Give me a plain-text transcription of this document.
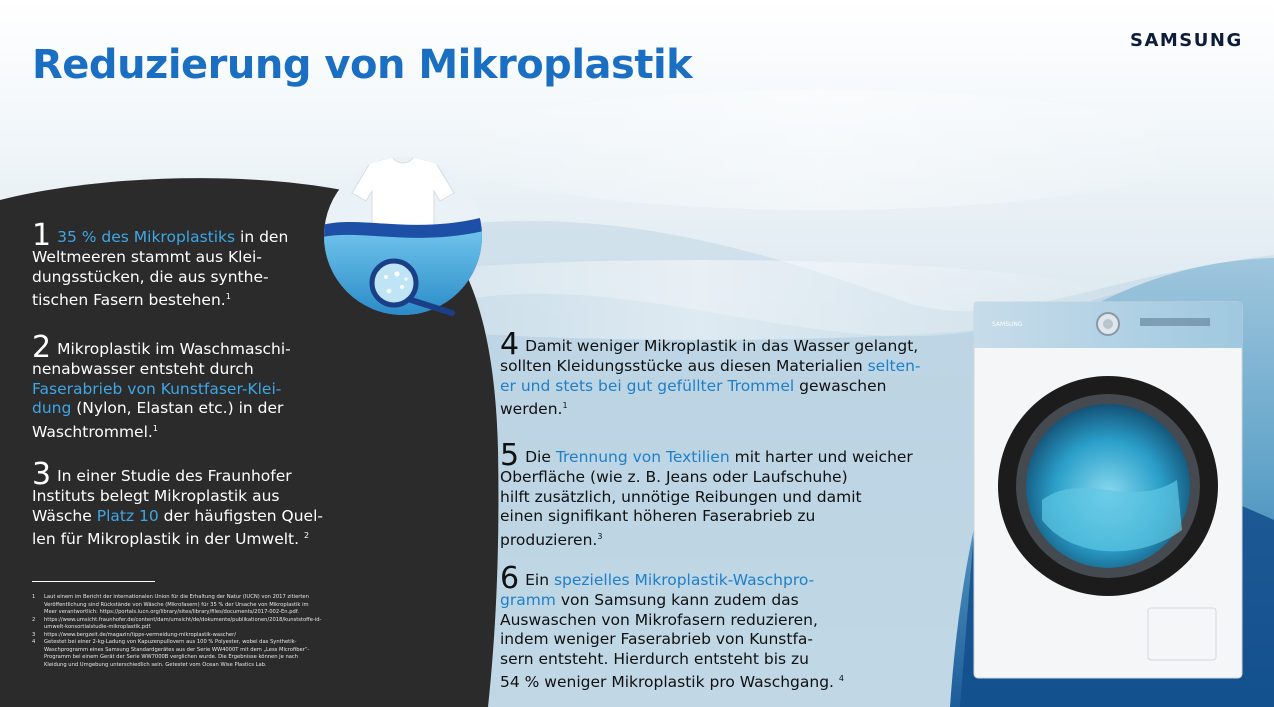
SAMSUNG
Reduzierung von Mikroplastik
SAMSUNG
1 35 % des Mikroplastiks in den
Weltmeeren stammt aus Klei-
dungsstücken, die aus synthe-
tischen Fasern bestehen.$^1$
2 Mikroplastik im Waschmaschi-
nenabwasser entsteht durch
Faserabrieb von Kunstfaser-Klei-
dung (Nylon, Elastan etc.) in der
Waschtrommel.$^1$
3 In einer Studie des Fraunhofer
Instituts belegt Mikroplastik aus
Wäsche Platz 10 der häufigsten Quel-
len für Mikroplastik in der Umwelt. $^2$
4 Damit weniger Mikroplastik in das Wasser gelangt,
sollten Kleidungsstücke aus diesen Materialien selten-
er und stets bei gut gefüllter Trommel gewaschen
werden.$^1$
5 Die Trennung von Textilien mit harter und weicher
Oberfläche (wie z. B. Jeans oder Laufschuhe)
hilft zusätzlich, unnötige Reibungen und damit
einen signifikant höheren Faserabrieb zu
produzieren.$^3$
6 Ein spezielles Mikroplastik-Waschpro-
gramm von Samsung kann zudem das
Auswaschen von Mikrofasern reduzieren,
indem weniger Faserabrieb von Kunstfa-
sern entsteht. Hierdurch entsteht bis zu
54 % weniger Mikroplastik pro Waschgang. $^4$
1 Laut einem im Bericht der internationalen Union für die Erhaltung der Natur (IUCN) von 2017 zitierten Veröffentlichung sind Rückstände von Wäsche (Mikrofasern) für 35 % der Ursache von Mikroplastik im Meer verantwortlich: https://portals.iucn.org/library/sites/library/files/documents/2017-002-En.pdf.
2 https://www.umsicht.fraunhofer.de/content/dam/umsicht/de/dokumente/publikationen/2018/kunststoffe-id-umwelt-konsortialstudie-mikroplastik.pdf.
3 https://www.bergzeit.de/magazin/tipps-vermeidung-mikroplastik-wascher/
4 Getestet bei einer 2-kg-Ladung von Kapuzenpullovern aus 100 % Polyester, wobei das Synthetik-Waschprogramm eines Samsung Standardgerätes aus der Serie WW4000T mit dem „Less Microfiber“-Programm bei einem Gerät der Serie WW7000B verglichen wurde. Die Ergebnisse können je nach Kleidung und Umgebung unterschiedlich sein. Getestet vom Ocean Wise Plastics Lab.
